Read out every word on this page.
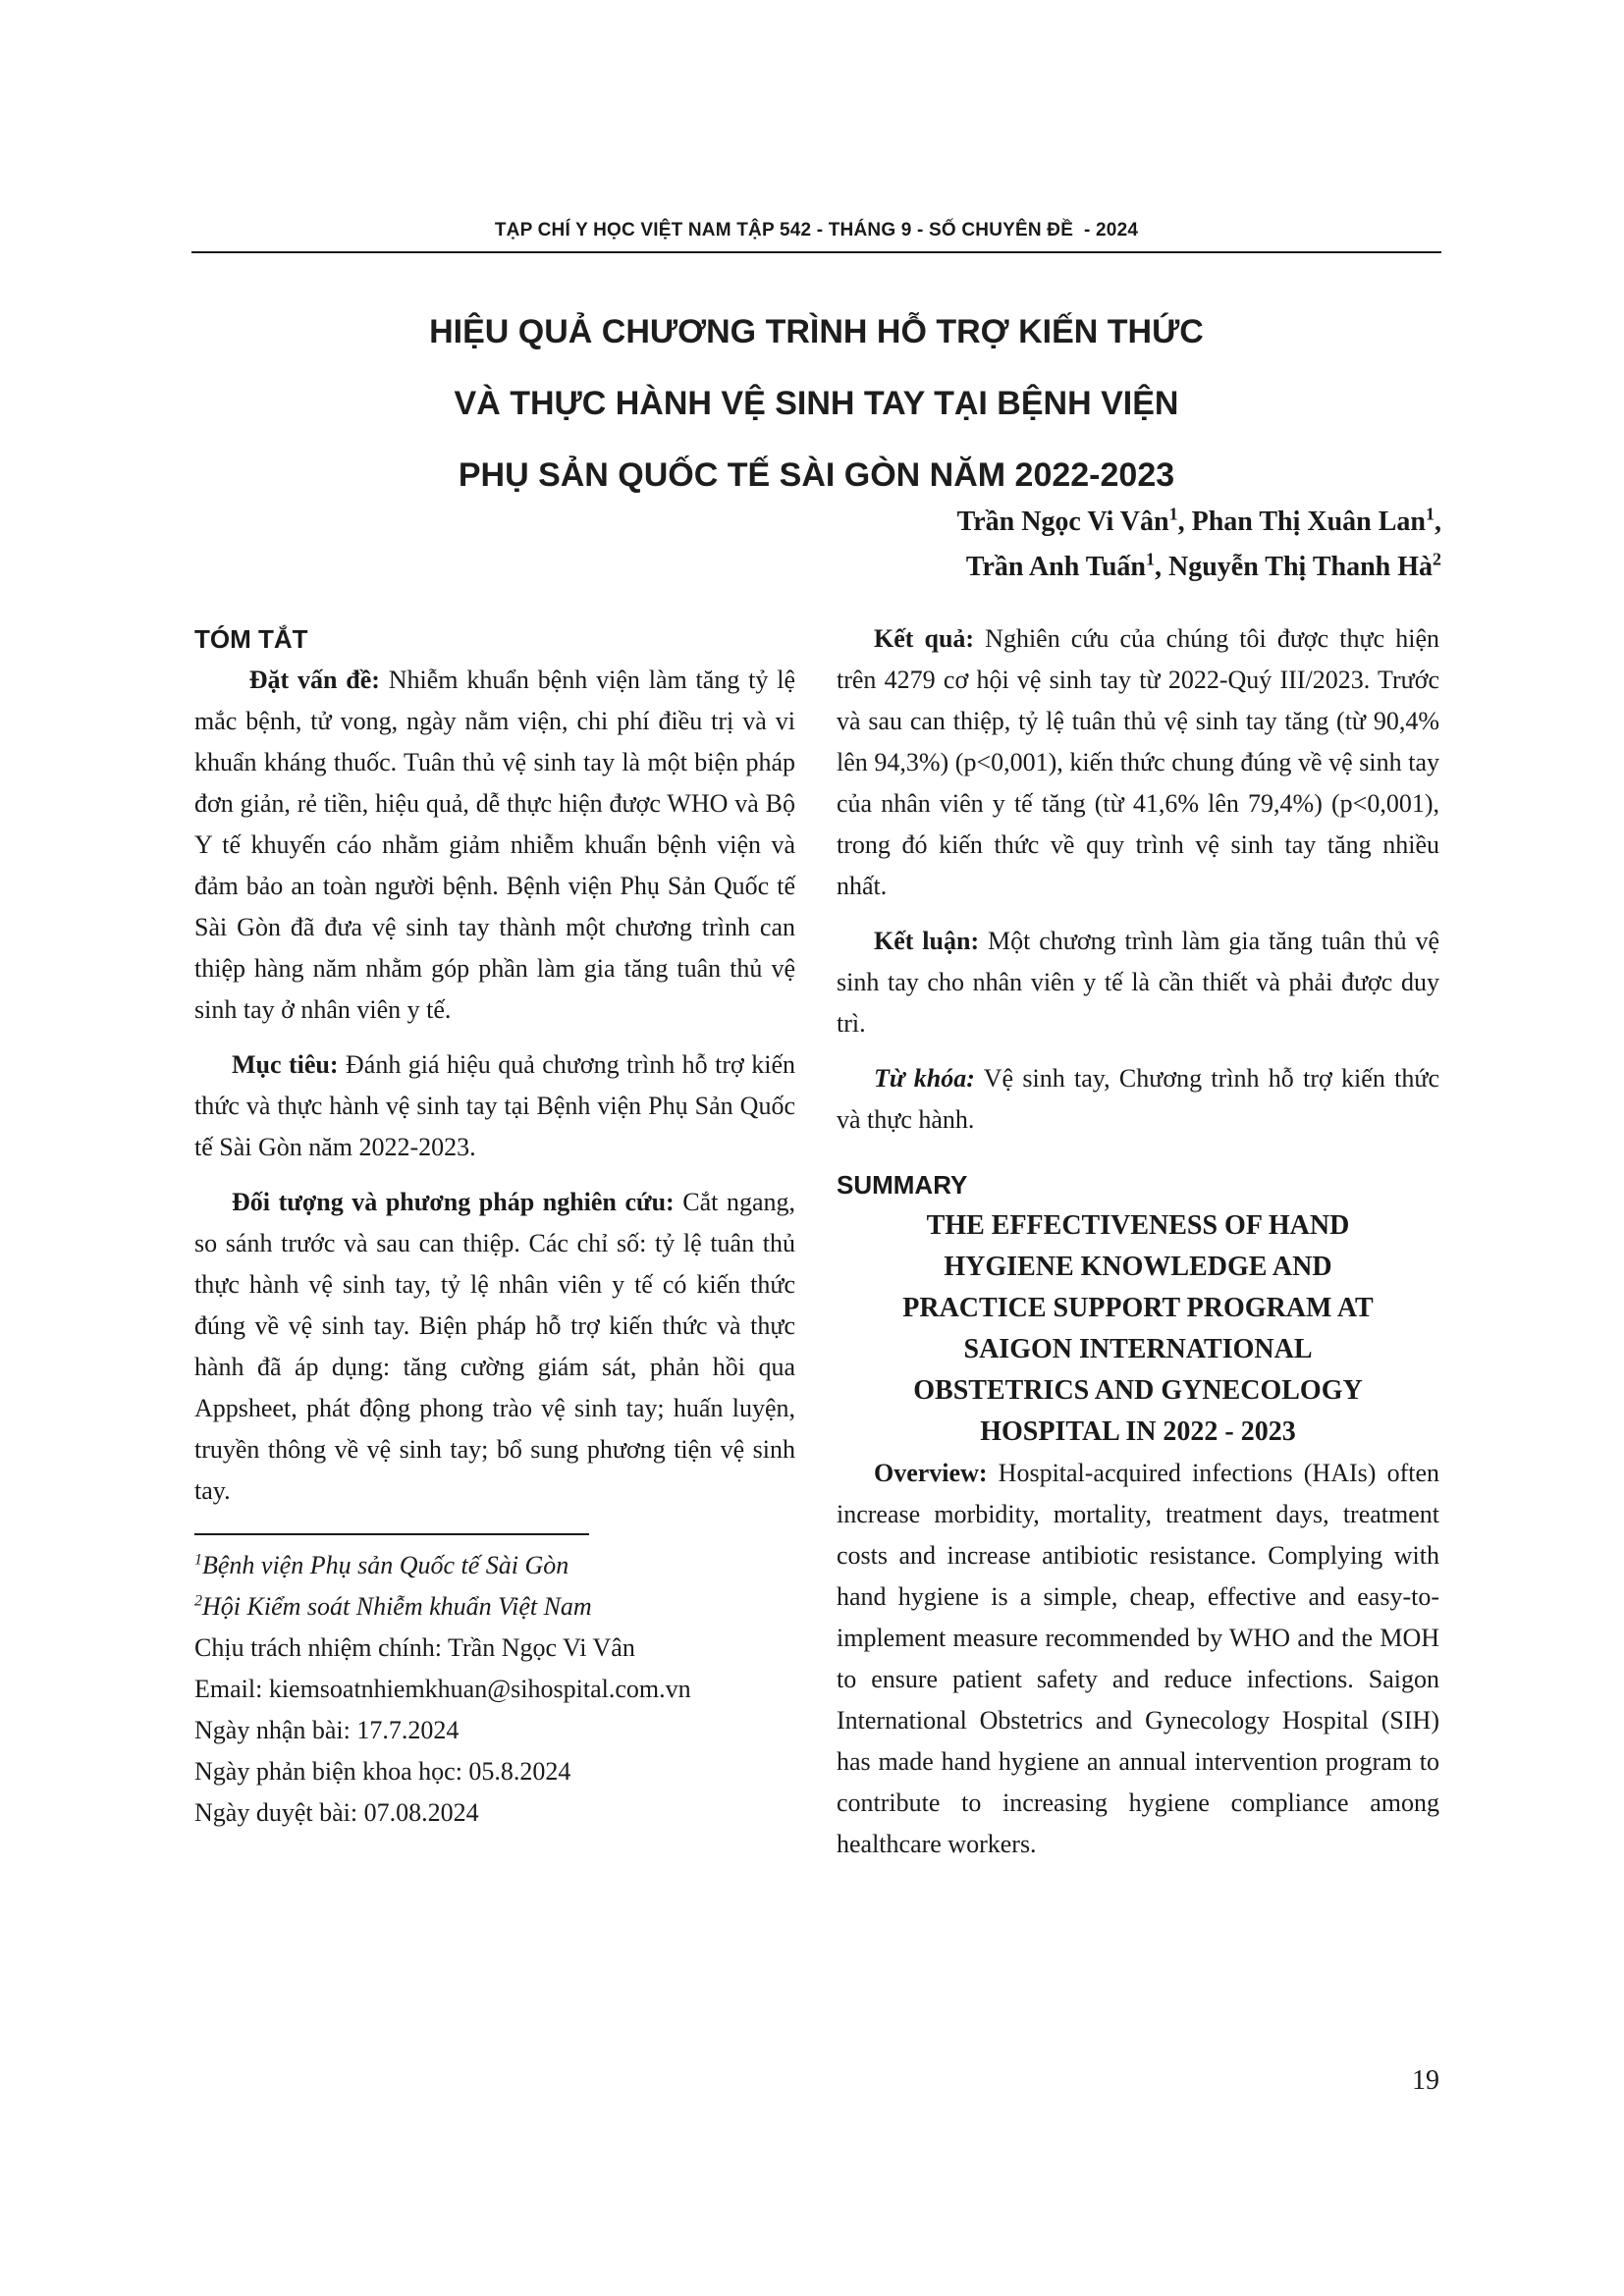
TẠP CHÍ Y HỌC VIỆT NAM TẬP 542 - THÁNG 9 - SỐ CHUYÊN ĐỀ  - 2024
HIỆU QUẢ CHƯƠNG TRÌNH HỖ TRỢ KIẾN THỨC
VÀ THỰC HÀNH VỆ SINH TAY TẠI BỆNH VIỆN
PHỤ SẢN QUỐC TẾ SÀI GÒN NĂM 2022-2023
Trần Ngọc Vi Vân$^1$, Phan Thị Xuân Lan$^1$,
Trần Anh Tuấn$^1$, Nguyễn Thị Thanh $Hà^2$

TÓM TẮT

Đặt vấn đề: Nhiễm khuẩn bệnh viện làm tăng tỷ lệ mắc bệnh, tử vong, ngày nằm viện, chi phí điều trị và vi khuẩn kháng thuốc. Tuân thủ vệ sinh tay là một biện pháp đơn giản, rẻ tiền, hiệu quả, dễ thực hiện được WHO và Bộ Y tế khuyến cáo nhằm giảm nhiễm khuẩn bệnh viện và đảm bảo an toàn người bệnh. Bệnh viện Phụ Sản Quốc tế Sài Gòn đã đưa vệ sinh tay thành một chương trình can thiệp hàng năm nhằm góp phần làm gia tăng tuân thủ vệ sinh tay ở nhân viên y tế.

Mục tiêu: Đánh giá hiệu quả chương trình hỗ trợ kiến thức và thực hành vệ sinh tay tại Bệnh viện Phụ Sản Quốc tế Sài Gòn năm 2022-2023.

Đối tượng và phương pháp nghiên cứu: Cắt ngang, so sánh trước và sau can thiệp. Các chỉ số: tỷ lệ tuân thủ thực hành vệ sinh tay, tỷ lệ nhân viên y tế có kiến thức đúng về vệ sinh tay. Biện pháp hỗ trợ kiến thức và thực hành đã áp dụng: tăng cường giám sát, phản hồi qua Appsheet, phát động phong trào vệ sinh tay; huấn luyện, truyền thông về vệ sinh tay; bổ sung phương tiện vệ sinh tay.

$^1$Bệnh viện Phụ sản Quốc tế Sài Gòn
$^2$Hội Kiểm soát Nhiễm khuẩn Việt Nam
Chịu trách nhiệm chính: Trần Ngọc Vi Vân
Email: kiemsoatnhiemkhuan@sihospital.com.vn
Ngày nhận bài: 17.7.2024
Ngày phản biện khoa học: 05.8.2024
Ngày duyệt bài: 07.08.2024

Kết quả: Nghiên cứu của chúng tôi được thực hiện trên 4279 cơ hội vệ sinh tay từ 2022-Quý III/2023. Trước và sau can thiệp, tỷ lệ tuân thủ vệ sinh tay tăng (từ 90,4% lên 94,3%) (p<0,001), kiến thức chung đúng về vệ sinh tay của nhân viên y tế tăng (từ 41,6% lên 79,4%) (p<0,001), trong đó kiến thức về quy trình vệ sinh tay tăng nhiều nhất.

Kết luận: Một chương trình làm gia tăng tuân thủ vệ sinh tay cho nhân viên y tế là cần thiết và phải được duy trì.

Từ khóa: Vệ sinh tay, Chương trình hỗ trợ kiến thức và thực hành.

SUMMARY

THE EFFECTIVENESS OF HAND
HYGIENE KNOWLEDGE AND
PRACTICE SUPPORT PROGRAM AT
SAIGON INTERNATIONAL
OBSTETRICS AND GYNECOLOGY
HOSPITAL IN 2022 - 2023

Overview: Hospital-acquired infections (HAIs) often increase morbidity, mortality, treatment days, treatment costs and increase antibiotic resistance. Complying with hand hygiene is a simple, cheap, effective and easy-to-implement measure recommended by WHO and the MOH to ensure patient safety and reduce infections. Saigon International Obstetrics and Gynecology Hospital (SIH) has made hand hygiene an annual intervention program to contribute to increasing hygiene compliance among healthcare workers.

19
